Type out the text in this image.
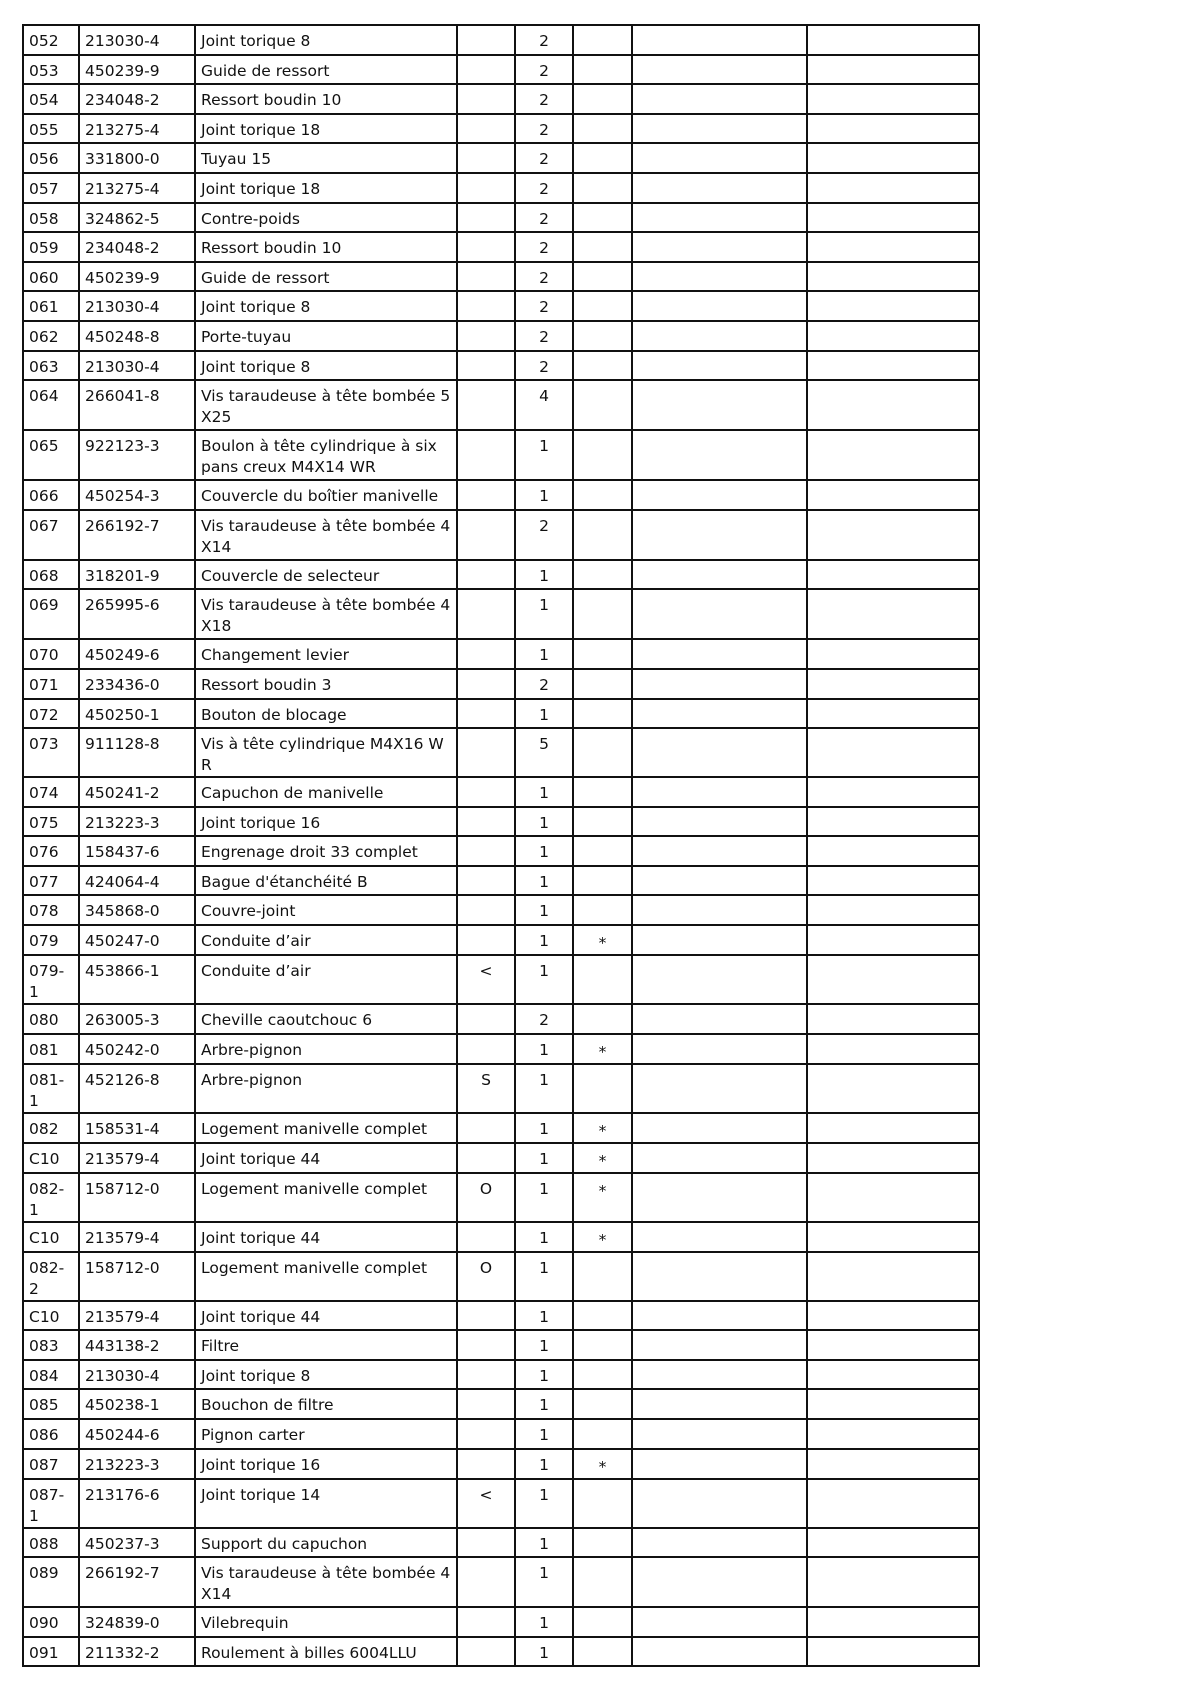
052	213030-4	Joint torique 8		2			
053	450239-9	Guide de ressort		2			
054	234048-2	Ressort boudin 10		2			
055	213275-4	Joint torique 18		2			
056	331800-0	Tuyau 15		2			
057	213275-4	Joint torique 18		2			
058	324862-5	Contre-poids		2			
059	234048-2	Ressort boudin 10		2			
060	450239-9	Guide de ressort		2			
061	213030-4	Joint torique 8		2			
062	450248-8	Porte-tuyau		2			
063	213030-4	Joint torique 8		2			
064	266041-8	Vis taraudeuse à tête bombée 5X25		4			
065	922123-3	Boulon à tête cylindrique à six pans creux M4X14 WR		1			
066	450254-3	Couvercle du boîtier manivelle		1			
067	266192-7	Vis taraudeuse à tête bombée 4X14		2			
068	318201-9	Couvercle de selecteur		1			
069	265995-6	Vis taraudeuse à tête bombée 4X18		1			
070	450249-6	Changement levier		1			
071	233436-0	Ressort boudin 3		2			
072	450250-1	Bouton de blocage		1			
073	911128-8	Vis à tête cylindrique M4X16 WR		5			
074	450241-2	Capuchon de manivelle		1			
075	213223-3	Joint torique 16		1			
076	158437-6	Engrenage droit 33 complet		1			
077	424064-4	Bague d'étanchéité B		1			
078	345868-0	Couvre-joint		1			
079	450247-0	Conduite d’air		1	*		
079-1	453866-1	Conduite d’air	<	1			
080	263005-3	Cheville caoutchouc 6		2			
081	450242-0	Arbre-pignon		1	*		
081-1	452126-8	Arbre-pignon	S	1			
082	158531-4	Logement manivelle complet		1	*		
C10	213579-4	Joint torique 44		1	*		
082-1	158712-0	Logement manivelle complet	O	1	*		
C10	213579-4	Joint torique 44		1	*		
082-2	158712-0	Logement manivelle complet	O	1			
C10	213579-4	Joint torique 44		1			
083	443138-2	Filtre		1			
084	213030-4	Joint torique 8		1			
085	450238-1	Bouchon de filtre		1			
086	450244-6	Pignon carter		1			
087	213223-3	Joint torique 16		1	*		
087-1	213176-6	Joint torique 14	<	1			
088	450237-3	Support du capuchon		1			
089	266192-7	Vis taraudeuse à tête bombée 4X14		1			
090	324839-0	Vilebrequin		1			
091	211332-2	Roulement à billes 6004LLU		1			
